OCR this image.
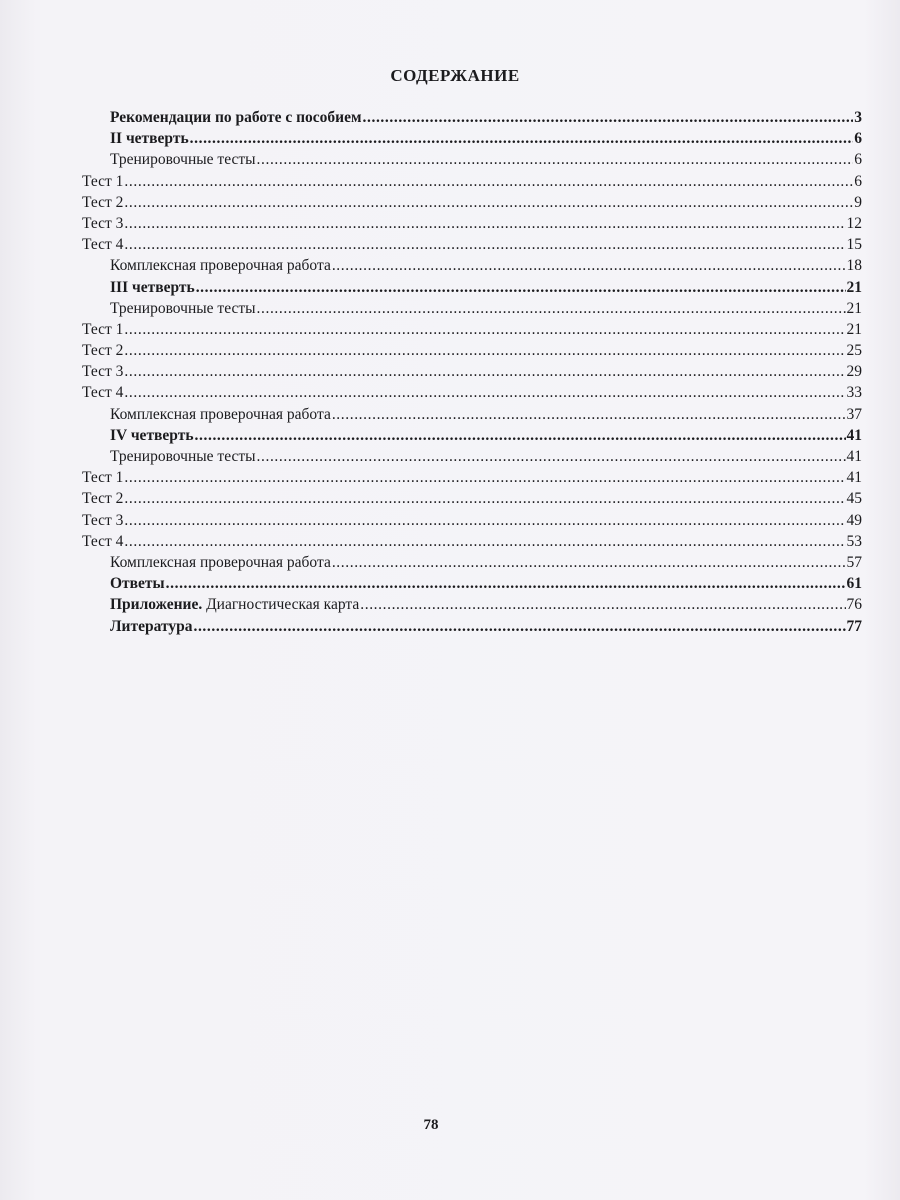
СОДЕРЖАНИЕ
Рекомендации по работе с пособием .....	3
II четверть .....	6
Тренировочные тесты .....	6
Тест 1 .....	6
Тест 2 .....	9
Тест 3 .....	12
Тест 4 .....	15
Комплексная проверочная работа .....	18
III четверть .....	21
Тренировочные тесты .....	21
Тест 1 .....	21
Тест 2 .....	25
Тест 3 .....	29
Тест 4 .....	33
Комплексная проверочная работа .....	37
IV четверть .....	41
Тренировочные тесты .....	41
Тест 1 .....	41
Тест 2 .....	45
Тест 3 .....	49
Тест 4 .....	53
Комплексная проверочная работа .....	57
Ответы .....	61
Приложение. Диагностическая карта .....	76
Литература .....	77
78
